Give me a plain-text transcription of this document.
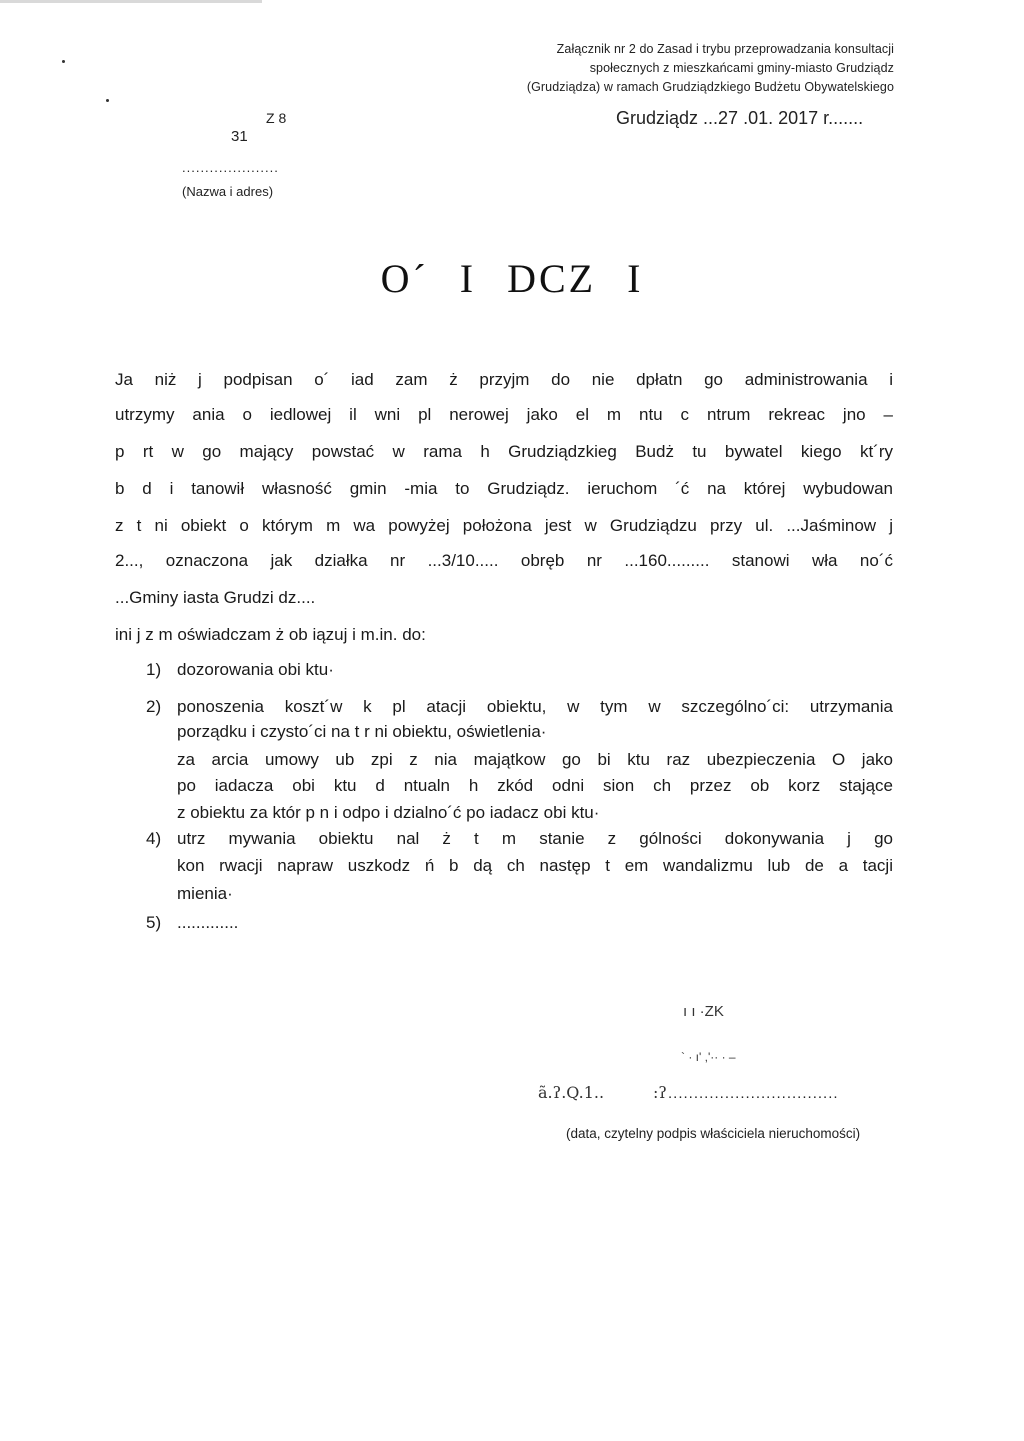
Załącznik nr 2 do Zasad i trybu przeprowadzania konsultacji
społecznych z mieszkańcami gminy-miasto Grudziądz
(Grudziądza) w ramach Grudziądzkiego Budżetu Obywatelskiego
Z 8
31
Grudziądz ...27 .01. 2017 r.......
.....................
(Nazwa i adres)
O´ I DCZ I
Ja niż j podpisan o´ iad zam ż przyjm do nie dpłatn go administrowania i
utrzymy ania o iedlowej il wni pl nerowej jako el m ntu c ntrum rekreac jno –
p rt w go mający powstać w rama h Grudziądzkieg Budż tu bywatel kiego kt´ry
b d i tanowił własność gmin -mia to Grudziądz. ieruchom ´ć na której wybudowan
z t ni obiekt o którym m wa powyżej położona jest w Grudziądzu przy ul. ...Jaśminow j
2..., oznaczona jak działka nr ...3/10..... obręb nr ...160......... stanowi wła no´ć
...Gminy iasta Grudzi dz....
ini j z m oświadczam ż ob iązuj i m.in. do:
1) dozorowania obi ktu·
2) ponoszenia koszt´w k pl atacji obiektu, w tym w szczególno´ci: utrzymania
porządku i czysto´ci na t r ni obiektu, oświetlenia·
za arcia umowy ub zpi z nia majątkow go bi ktu raz ubezpieczenia O jako
po iadacza obi ktu d ntualn h zkód odni sion ch przez ob korz stające
z obiektu za któr p n i odpo i dzialno´ć po iadacz obi ktu·
4) utrz mywania obiektu nal ż t m stanie z gólności dokonywania j go
kon rwacji napraw uszkodz ń b dą ch następ t em wandalizmu lub de a tacji
mienia·
5) .............
ı ı ·ZK
` · ı' ,'·· · ‒
ã.ʔ.Q.1..	:ʔ .................................
(data, czytelny podpis właściciela nieruchomości)
